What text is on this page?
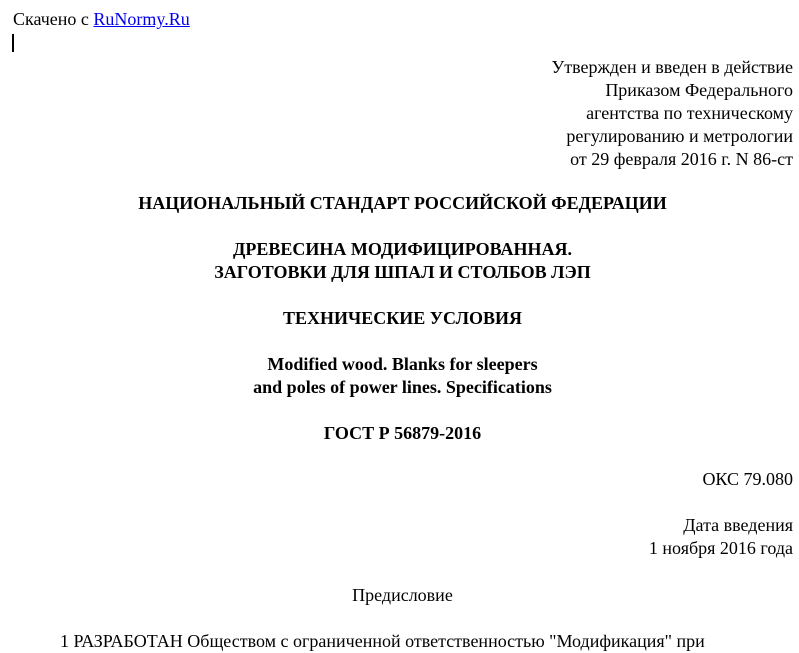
Скачено с RuNormy.Ru
Утвержден и введен в действие
Приказом Федерального
агентства по техническому
регулированию и метрологии
от 29 февраля 2016 г. N 86-ст
НАЦИОНАЛЬНЫЙ СТАНДАРТ РОССИЙСКОЙ ФЕДЕРАЦИИ
ДРЕВЕСИНА МОДИФИЦИРОВАННАЯ.
ЗАГОТОВКИ ДЛЯ ШПАЛ И СТОЛБОВ ЛЭП
ТЕХНИЧЕСКИЕ УСЛОВИЯ
Modified wood. Blanks for sleepers
and poles of power lines. Specifications
ГОСТ Р 56879-2016
ОКС 79.080
Дата введения
1 ноября 2016 года
Предисловие
1 РАЗРАБОТАН Обществом с ограниченной ответственностью "Модификация" при
